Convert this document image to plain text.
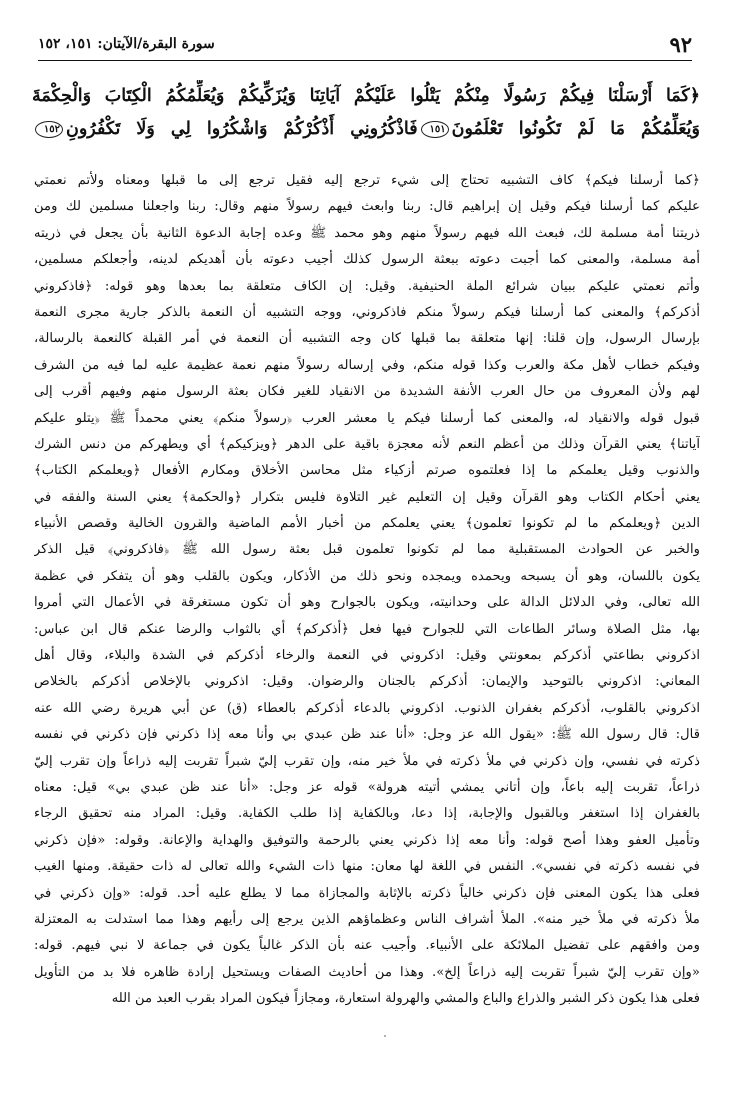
٩٢
سورة البقرة/الآيتان: ١٥١، ١٥٢
﴿كَمَا أَرْسَلْنَا فِيكُمْ رَسُولًا مِنْكُمْ يَتْلُوا عَلَيْكُمْ آيَاتِنَا وَيُزَكِّيكُمْ وَيُعَلِّمُكُمُ الْكِتَابَ وَالْحِكْمَةَ
وَيُعَلِّمُكُمْ مَا لَمْ تَكُونُوا تَعْلَمُونَ١٥١فَاذْكُرُونِي أَذْكُرْكُمْ وَاشْكُرُوا لِي وَلَا تَكْفُرُونِ١٥٢
﴿كما أرسلنا فيكم﴾ كاف التشبيه تحتاج إلى شيء ترجع إليه فقيل ترجع إلى ما قبلها ومعناه ولأتم نعمتي
عليكم كما أرسلنا فيكم وقيل إن إبراهيم قال: ربنا وابعث فيهم رسولاً منهم وقال: ربنا واجعلنا مسلمين لك ومن
ذريتنا أمة مسلمة لك، فبعث الله فيهم رسولاً منهم وهو محمد ﷺ وعده إجابة الدعوة الثانية بأن يجعل في ذريته
أمة مسلمة، والمعنى كما أجبت دعوته ببعثة الرسول كذلك أجيب دعوته بأن أهديكم لدينه، وأجعلكم مسلمين،
وأتم نعمتي عليكم ببيان شرائع الملة الحنيفية. وقيل: إن الكاف متعلقة بما بعدها وهو قوله: ﴿فاذكروني
أذكركم﴾ والمعنى كما أرسلنا فيكم رسولاً منكم فاذكروني، ووجه التشبيه أن النعمة بالذكر جارية مجرى النعمة
بإرسال الرسول، وإن قلنا: إنها متعلقة بما قبلها كان وجه التشبيه أن النعمة في أمر القبلة كالنعمة بالرسالة،
وفيكم خطاب لأهل مكة والعرب وكذا قوله منكم، وفي إرساله رسولاً منهم نعمة عظيمة عليه لما فيه من الشرف
لهم ولأن المعروف من حال العرب الأنفة الشديدة من الانقياد للغير فكان بعثة الرسول منهم وفيهم أقرب إلى
قبول قوله والانقياد له، والمعنى كما أرسلنا فيكم يا معشر العرب ﴿رسولاً منكم﴾ يعني محمداً ﷺ ﴿يتلو عليكم
آياتنا﴾ يعني القرآن وذلك من أعظم النعم لأنه معجزة باقية على الدهر ﴿ويزكيكم﴾ أي ويطهركم من دنس الشرك
والذنوب وقيل يعلمكم ما إذا فعلتموه صرتم أزكياء مثل محاسن الأخلاق ومكارم الأفعال ﴿ويعلمكم الكتاب﴾
يعني أحكام الكتاب وهو القرآن وقيل إن التعليم غير التلاوة فليس بتكرار ﴿والحكمة﴾ يعني السنة والفقه في
الدين ﴿ويعلمكم ما لم تكونوا تعلمون﴾ يعني يعلمكم من أخبار الأمم الماضية والقرون الخالية وقصص الأنبياء
والخبر عن الحوادث المستقبلية مما لم تكونوا تعلمون قبل بعثة رسول الله ﷺ ﴿فاذكروني﴾ قيل الذكر
يكون باللسان، وهو أن يسبحه ويحمده ويمجده ونحو ذلك من الأذكار، ويكون بالقلب وهو أن يتفكر في عظمة
الله تعالى، وفي الدلائل الدالة على وحدانيته، ويكون بالجوارح وهو أن تكون مستغرقة في الأعمال التي أمروا
بها، مثل الصلاة وسائر الطاعات التي للجوارح فيها فعل ﴿أذكركم﴾ أي بالثواب والرضا عنكم قال ابن عباس:
اذكروني بطاعتي أذكركم بمعونتي وقيل: اذكروني في النعمة والرخاء أذكركم في الشدة والبلاء، وقال أهل
المعاني: اذكروني بالتوحيد والإيمان: أذكركم بالجنان والرضوان. وقيل: اذكروني بالإخلاص أذكركم بالخلاص
اذكروني بالقلوب، أذكركم بغفران الذنوب. اذكروني بالدعاء أذكركم بالعطاء (ق) عن أبي هريرة رضي الله عنه
قال: قال رسول الله ﷺ: «يقول الله عز وجل: «أنا عند ظن عبدي بي وأنا معه إذا ذكرني فإن ذكرني في نفسه
ذكرته في نفسي، وإن ذكرني في ملأ ذكرته في ملأ خير منه، وإن تقرب إليّ شبراً تقربت إليه ذراعاً وإن تقرب إليّ
ذراعاً، تقربت إليه باعاً، وإن أتاني يمشي أتيته هرولة» قوله عز وجل: «أنا عند ظن عبدي بي» قيل: معناه
بالغفران إذا استغفر وبالقبول والإجابة، إذا دعا، وبالكفاية إذا طلب الكفاية. وقيل: المراد منه تحقيق الرجاء
وتأميل العفو وهذا أصح قوله: وأنا معه إذا ذكرني يعني بالرحمة والتوفيق والهداية والإعانة. وقوله: «فإن ذكرني
في نفسه ذكرته في نفسي». النفس في اللغة لها معان: منها ذات الشيء والله تعالى له ذات حقيقة. ومنها الغيب
فعلى هذا يكون المعنى فإن ذكرني خالياً ذكرته بالإثابة والمجازاة مما لا يطلع عليه أحد. قوله: «وإن ذكرني في
ملأ ذكرته في ملأ خير منه». الملأ أشراف الناس وعظماؤهم الذين يرجع إلى رأيهم وهذا مما استدلت به المعتزلة
ومن وافقهم على تفضيل الملائكة على الأنبياء. وأجيب عنه بأن الذكر غالباً يكون في جماعة لا نبي فيهم. قوله:
«وإن تقرب إليّ شبراً تقربت إليه ذراعاً إلخ». وهذا من أحاديث الصفات ويستحيل إرادة ظاهره فلا بد من التأويل
فعلى هذا يكون ذكر الشبر والذراع والباع والمشي والهرولة استعارة، ومجازاً فيكون المراد بقرب العبد من الله
